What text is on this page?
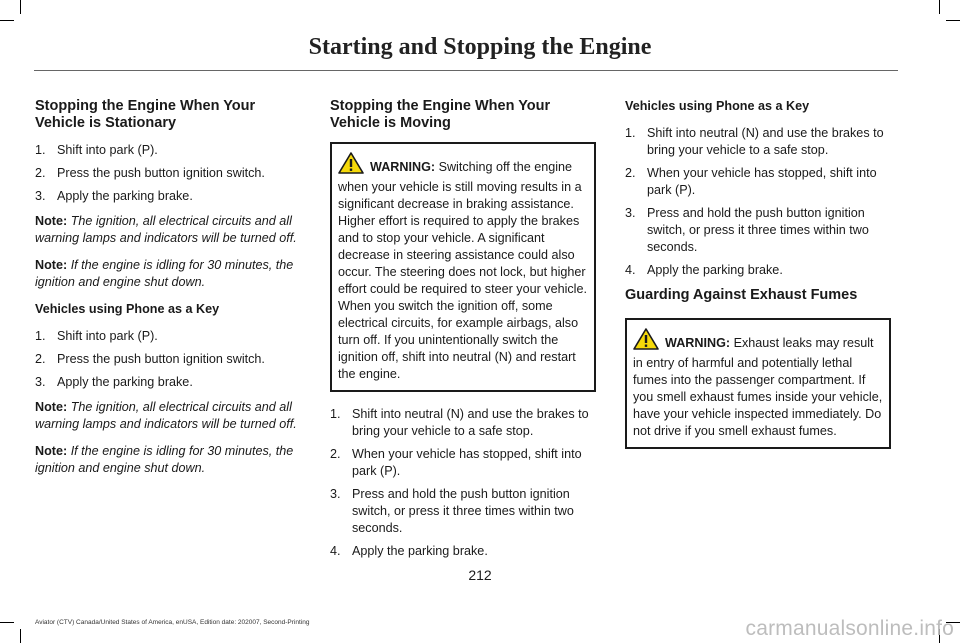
Starting and Stopping the Engine
Stopping the Engine When Your Vehicle is Stationary
1. Shift into park (P).
2. Press the push button ignition switch.
3. Apply the parking brake.

Note: The ignition, all electrical circuits and all warning lamps and indicators will be turned off.

Note: If the engine is idling for 30 minutes, the ignition and engine shut down.

Vehicles using Phone as a Key
1. Shift into park (P).
2. Press the push button ignition switch.
3. Apply the parking brake.

Note: The ignition, all electrical circuits and all warning lamps and indicators will be turned off.

Note: If the engine is idling for 30 minutes, the ignition and engine shut down.

Stopping the Engine When Your Vehicle is Moving
WARNING: Switching off the engine when your vehicle is still moving results in a significant decrease in braking assistance. Higher effort is required to apply the brakes and to stop your vehicle. A significant decrease in steering assistance could also occur. The steering does not lock, but higher effort could be required to steer your vehicle. When you switch the ignition off, some electrical circuits, for example airbags, also turn off. If you unintentionally switch the ignition off, shift into neutral (N) and restart the engine.
1. Shift into neutral (N) and use the brakes to bring your vehicle to a safe stop.
2. When your vehicle has stopped, shift into park (P).
3. Press and hold the push button ignition switch, or press it three times within two seconds.
4. Apply the parking brake.
Vehicles using Phone as a Key
1. Shift into neutral (N) and use the brakes to bring your vehicle to a safe stop.
2. When your vehicle has stopped, shift into park (P).
3. Press and hold the push button ignition switch, or press it three times within two seconds.
4. Apply the parking brake.
Guarding Against Exhaust Fumes
WARNING: Exhaust leaks may result in entry of harmful and potentially lethal fumes into the passenger compartment. If you smell exhaust fumes inside your vehicle, have your vehicle inspected immediately. Do not drive if you smell exhaust fumes.
212
Aviator (CTV) Canada/United States of America, enUSA, Edition date: 202007, Second-Printing	carmanualsonline.info
